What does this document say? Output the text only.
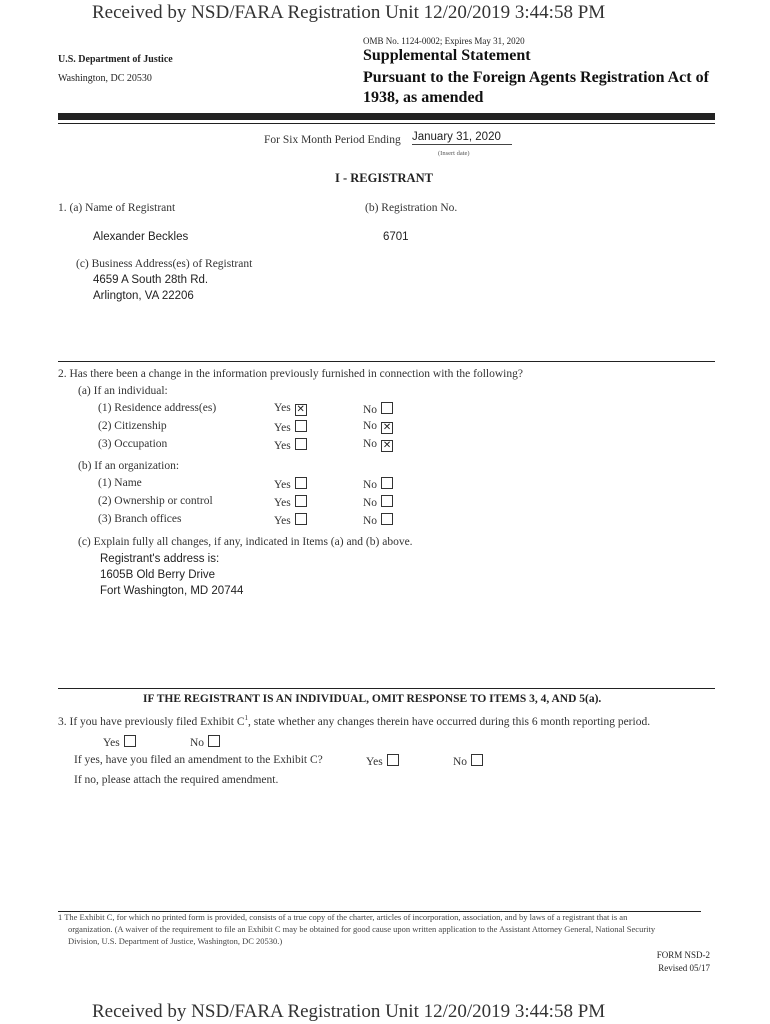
Received by NSD/FARA Registration Unit 12/20/2019 3:44:58 PM
U.S. Department of Justice
Washington, DC 20530
OMB No. 1124-0002; Expires May 31, 2020
Supplemental Statement
Pursuant to the Foreign Agents Registration Act of
1938, as amended
For Six Month Period Ending January 31, 2020
(Insert date)
I - REGISTRANT
1. (a) Name of Registrant	(b) Registration No.
Alexander Beckles	6701
(c) Business Address(es) of Registrant
4659 A South 28th Rd.
Arlington, VA 22206
2. Has there been a change in the information previously furnished in connection with the following?
(a) If an individual:
(1) Residence address(es)	Yes ✕	No
(2) Citizenship	Yes	No ✕
(3) Occupation	Yes	No ✕
(b) If an organization:
(1) Name	Yes	No
(2) Ownership or control	Yes	No
(3) Branch offices	Yes	No
(c) Explain fully all changes, if any, indicated in Items (a) and (b) above.
Registrant's address is:
1605B Old Berry Drive
Fort Washington, MD 20744
IF THE REGISTRANT IS AN INDIVIDUAL, OMIT RESPONSE TO ITEMS 3, 4, AND 5(a).
3. If you have previously filed Exhibit $C^1$, state whether any changes therein have occurred during this 6 month reporting period.
Yes	No
If yes, have you filed an amendment to the Exhibit C?	Yes	No
If no, please attach the required amendment.
1 The Exhibit C, for which no printed form is provided, consists of a true copy of the charter, articles of incorporation, association, and by laws of a registrant that is an
organization. (A waiver of the requirement to file an Exhibit C may be obtained for good cause upon written application to the Assistant Attorney General, National Security
Division, U.S. Department of Justice, Washington, DC 20530.)
FORM NSD-2
Revised 05/17
Received by NSD/FARA Registration Unit 12/20/2019 3:44:58 PM
